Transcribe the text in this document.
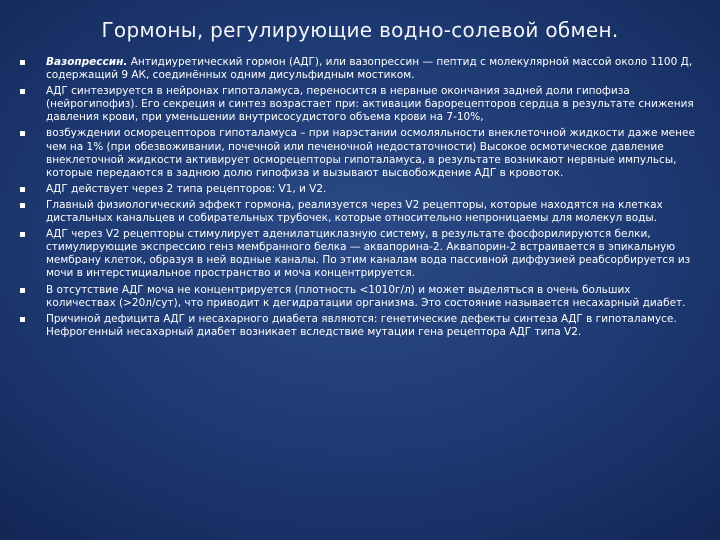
Гормоны, регулирующие водно-солевой обмен.
Вазопрессин. Антидиуретический гормон (АДГ), или вазопрессин — пептид с молекулярной массой около 1100 Д, содержащий 9 АК, соединённых одним дисульфидным мостиком.
АДГ синтезируется в нейронах гипоталамуса, переносится в нервные окончания задней доли гипофиза (нейрогипофиз). Его секреция и синтез возрастает при: активации барорецепторов сердца в результате снижения давления крови, при уменьшении внутрисосудистого объема крови на 7-10%,
возбуждении осморецепторов гипоталамуса – при нарэстании осмоляльности внеклеточной жидкости даже менее чем на 1% (при обезвоживании, почечной или печеночной недостаточности) Высокое осмотическое давление внеклеточной жидкости активирует осморецепторы гипоталамуса, в результате возникают нервные импульсы, которые передаются в заднюю долю гипофиза и вызывают высвобождение АДГ в кровоток.
АДГ действует через 2 типа рецепторов: V1, и V2.
Главный физиологический эффект гормона, реализуется через V2 рецепторы, которые находятся на клетках дистальных канальцев и собирательных трубочек, которые относительно непроницаемы для молекул воды.
АДГ через V2 рецепторы стимулирует аденилатциклазную систему, в результате фосфорилируются белки, стимулирующие экспрессию генз мембранного белка — аквапорина-2. Аквапорин-2 встраивается в эпикальную мембрану клеток, образуя в ней водные каналы. По этим каналам вода пассивной диффузией реабсорбируется из мочи в интерстициальное пространство и моча концентрируется.
В отсутствие АДГ моча не концентрируется (плотность <1010г/л) и может выделяться в очень больших количествах (>20л/сут), что приводит к дегидратации организма. Это состояние называется несахарный диабет.
Причиной дефицита АДГ и несахарного диабета являются: генетические дефекты синтеза АДГ в гипоталамусе. Нефрогенный несахарный диабет возникает вследствие мутации гена рецептора АДГ типа V2.
